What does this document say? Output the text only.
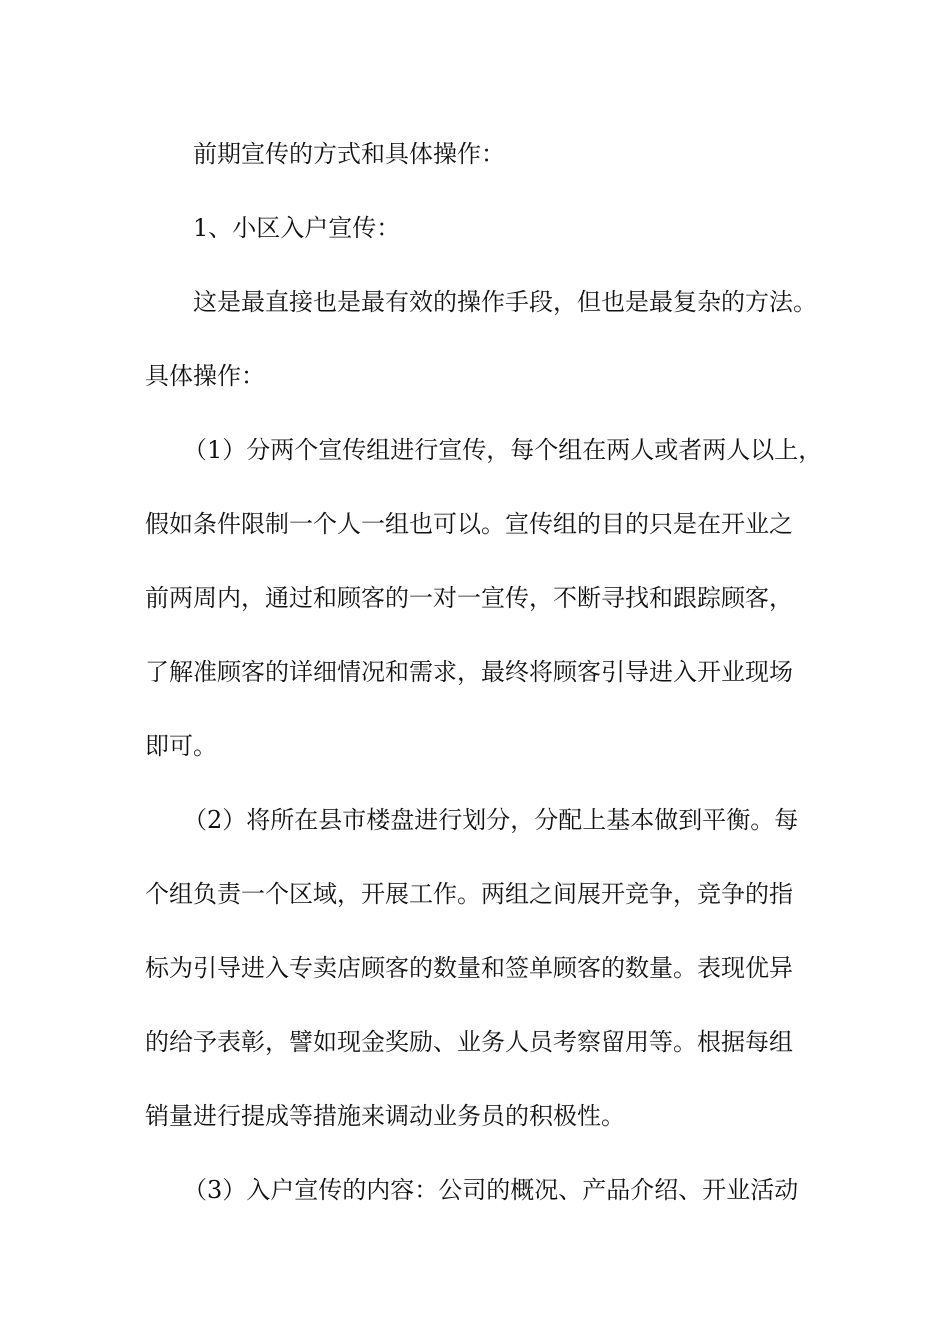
前期宣传的方式和具体操作：
1、小区入户宣传：
这是最直接也是最有效的操作手段，但也是最复杂的方法。
具体操作：
（1）分两个宣传组进行宣传，每个组在两人或者两人以上，
假如条件限制一个人一组也可以。宣传组的目的只是在开业之
前两周内，通过和顾客的一对一宣传，不断寻找和跟踪顾客，
了解准顾客的详细情况和需求，最终将顾客引导进入开业现场
即可。
（2）将所在县市楼盘进行划分，分配上基本做到平衡。每
个组负责一个区域，开展工作。两组之间展开竞争，竞争的指
标为引导进入专卖店顾客的数量和签单顾客的数量。表现优异
的给予表彰，譬如现金奖励、业务人员考察留用等。根据每组
销量进行提成等措施来调动业务员的积极性。
（3）入户宣传的内容：公司的概况、产品介绍、开业活动
